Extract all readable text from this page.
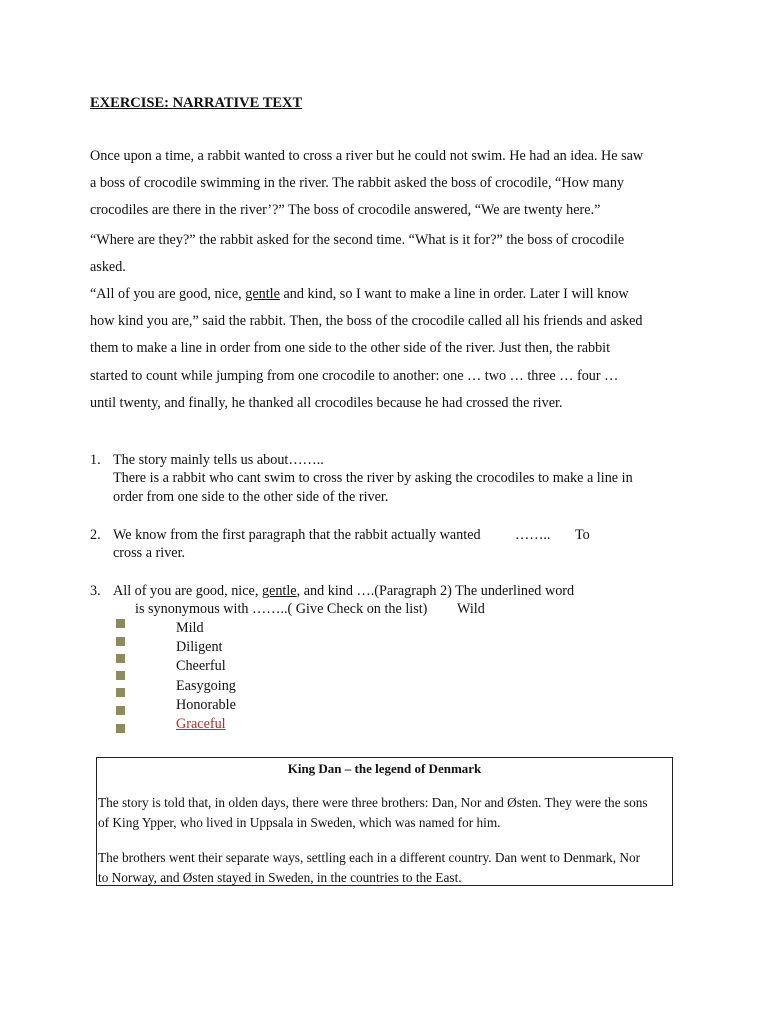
EXERCISE: NARRATIVE TEXT
Once upon a time, a rabbit wanted to cross a river but he could not swim. He had an idea. He saw
a boss of crocodile swimming in the river. The rabbit asked the boss of crocodile, “How many
crocodiles are there in the river’?” The boss of crocodile answered, “We are twenty here.”
“Where are they?” the rabbit asked for the second time. “What is it for?” the boss of crocodile
asked.
“All of you are good, nice, gentle and kind, so I want to make a line in order. Later I will know
how kind you are,” said the rabbit. Then, the boss of the crocodile called all his friends and asked
them to make a line in order from one side to the other side of the river. Just then, the rabbit
started to count while jumping from one crocodile to another: one … two … three … four …
until twenty, and finally, he thanked all crocodiles because he had crossed the river.
1. The story mainly tells us about……..
There is a rabbit who cant swim to cross the river by asking the crocodiles to make a line in
order from one side to the other side of the river.
2. We know from the first paragraph that the rabbit actually wanted …….. To
cross a river.
3. All of you are good, nice, gentle, and kind ….(Paragraph 2) The underlined word
is synonymous with ……..( Give Check on the list) Wild
Mild
Diligent
Cheerful
Easygoing
Honorable
Graceful
King Dan – the legend of Denmark
The story is told that, in olden days, there were three brothers: Dan, Nor and Østen. They were the sons
of King Ypper, who lived in Uppsala in Sweden, which was named for him.
The brothers went their separate ways, settling each in a different country. Dan went to Denmark, Nor
to Norway, and Østen stayed in Sweden, in the countries to the East.
